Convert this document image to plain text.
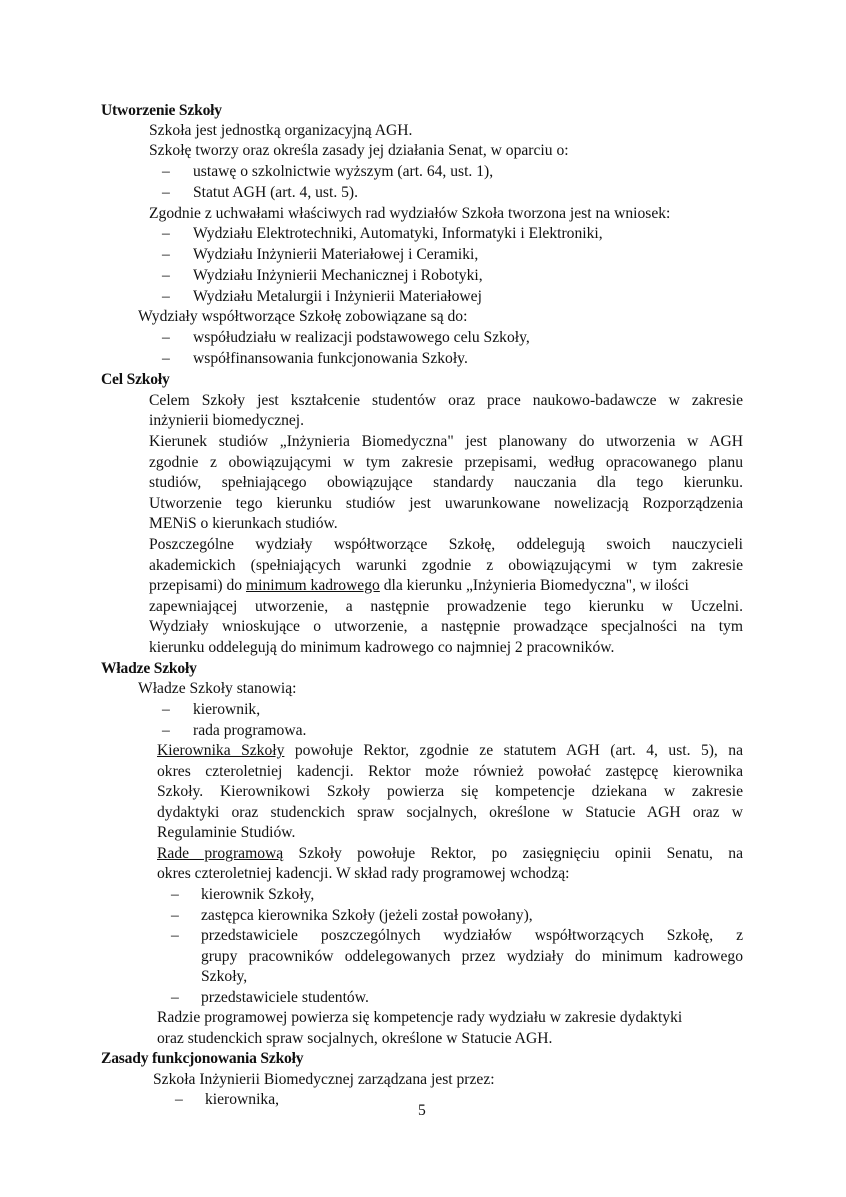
Utworzenie Szkoły
Szkoła jest jednostką organizacyjną AGH.
Szkołę tworzy oraz określa zasady jej działania Senat, w oparciu o:
– ustawę o szkolnictwie wyższym (art. 64, ust. 1),
– Statut AGH (art. 4, ust. 5).
Zgodnie z uchwałami właściwych rad wydziałów Szkoła tworzona jest na wniosek:
– Wydziału Elektrotechniki, Automatyki, Informatyki i Elektroniki,
– Wydziału Inżynierii Materiałowej i Ceramiki,
– Wydziału Inżynierii Mechanicznej i Robotyki,
– Wydziału Metalurgii i Inżynierii Materiałowej
Wydziały współtworzące Szkołę zobowiązane są do:
– współudziału w realizacji podstawowego celu Szkoły,
– współfinansowania funkcjonowania Szkoły.
Cel Szkoły
Celem Szkoły jest kształcenie studentów oraz prace naukowo-badawcze w zakresie
inżynierii biomedycznej.
Kierunek studiów „Inżynieria Biomedyczna" jest planowany do utworzenia w AGH
zgodnie z obowiązującymi w tym zakresie przepisami, według opracowanego planu
studiów, spełniającego obowiązujące standardy nauczania dla tego kierunku.
Utworzenie tego kierunku studiów jest uwarunkowane nowelizacją Rozporządzenia
MENiS o kierunkach studiów.
Poszczególne wydziały współtworzące Szkołę, oddelegują swoich nauczycieli
akademickich (spełniających warunki zgodnie z obowiązującymi w tym zakresie
przepisami) do minimum kadrowego dla kierunku „Inżynieria Biomedyczna", w ilości
zapewniającej utworzenie, a następnie prowadzenie tego kierunku w Uczelni.
Wydziały wnioskujące o utworzenie, a następnie prowadzące specjalności na tym
kierunku oddelegują do minimum kadrowego co najmniej 2 pracowników.
Władze Szkoły
Władze Szkoły stanowią:
– kierownik,
– rada programowa.
Kierownika Szkoły powołuje Rektor, zgodnie ze statutem AGH (art. 4, ust. 5), na
okres czteroletniej kadencji. Rektor może również powołać zastępcę kierownika
Szkoły. Kierownikowi Szkoły powierza się kompetencje dziekana w zakresie
dydaktyki oraz studenckich spraw socjalnych, określone w Statucie AGH oraz w
Regulaminie Studiów.
Rade programową Szkoły powołuje Rektor, po zasięgnięciu opinii Senatu, na
okres czteroletniej kadencji. W skład rady programowej wchodzą:
– kierownik Szkoły,
– zastępca kierownika Szkoły (jeżeli został powołany),
– przedstawiciele poszczególnych wydziałów współtworzących Szkołę, z
grupy pracowników oddelegowanych przez wydziały do minimum kadrowego
Szkoły,
– przedstawiciele studentów.
Radzie programowej powierza się kompetencje rady wydziału w zakresie dydaktyki
oraz studenckich spraw socjalnych, określone w Statucie AGH.
Zasady funkcjonowania Szkoły
Szkoła Inżynierii Biomedycznej zarządzana jest przez:
– kierownika,
5
